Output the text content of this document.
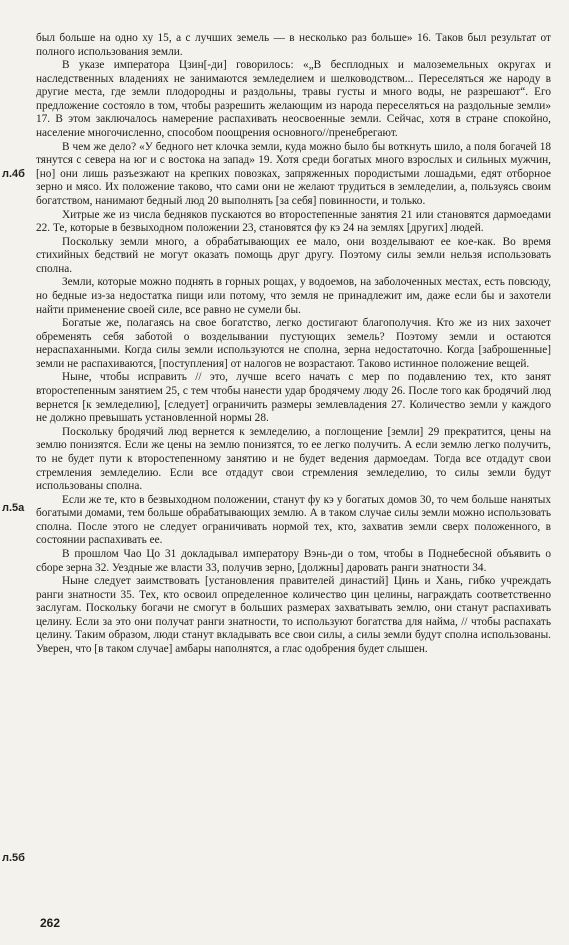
был больше на одно ху 15, а с лучших земель — в несколько раз больше» 16. Таков был результат от полного использования земли.

В указе императора Цзин[-ди] говорилось: «„В бесплодных и малоземельных округах и наследственных владениях не занимаются земледелием и шелководством... Переселяться же народу в другие места, где земли плодородны и раздольны, травы густы и много воды, не разрешают“. Его предложение состояло в том, чтобы разрешить желающим из народа переселяться на раздольные земли» 17. В этом заключалось намерение распахивать неосвоенные земли. Сейчас, хотя в стране спокойно, население многочисленно, способом поощрения основного//пренебрегают.

В чем же дело? «У бедного нет клочка земли, куда можно было бы воткнуть шило, а поля богачей 18 тянутся с севера на юг и с востока на запад» 19. Хотя среди богатых много взрослых и сильных мужчин, [но] они лишь разъезжают на крепких повозках, запряженных породистыми лошадьми, едят отборное зерно и мясо. Их положение таково, что сами они не желают трудиться в земледелии, а, пользуясь своим богатством, нанимают бедный люд 20 выполнять [за себя] повинности, и только.

Хитрые же из числа бедняков пускаются во второстепенные занятия 21 или становятся дармоедами 22. Те, которые в безвыходном положении 23, становятся фу кэ 24 на землях [других] людей.

Поскольку земли много, а обрабатывающих ее мало, они возделывают ее кое-как. Во время стихийных бедствий не могут оказать помощь друг другу. Поэтому силы земли нельзя использовать сполна.

Земли, которые можно поднять в горных рощах, у водоемов, на заболоченных местах, есть повсюду, но бедные из-за недостатка пищи или потому, что земля не принадлежит им, даже если бы и захотели найти применение своей силе, все равно не сумели бы.

Богатые же, полагаясь на свое богатство, легко достигают благополучия. Кто же из них захочет обременять себя заботой о возделывании пустующих земель? Поэтому земли и остаются нераспаханными. Когда силы земли используются не сполна, зерна недостаточно. Когда [заброшенные] земли не распахиваются, [поступления] от налогов не возрастают. Таково истинное положение вещей.

Ныне, чтобы исправить // это, лучше всего начать с мер по подавлению тех, кто занят второстепенным занятием 25, с тем чтобы нанести удар бродячему люду 26. После того как бродячий люд вернется [к земледелию], [следует] ограничить размеры землевладения 27. Количество земли у каждого не должно превышать установленной нормы 28.

Поскольку бродячий люд вернется к земледелию, а поглощение [земли] 29 прекратится, цены на землю понизятся. Если же цены на землю понизятся, то ее легко получить. А если землю легко получить, то не будет пути к второстепенному занятию и не будет ведения дармоедам. Тогда все отдадут свои стремления земледелию. Если все отдадут свои стремления земледелию, то силы земли будут использованы сполна.

Если же те, кто в безвыходном положении, станут фу кэ у богатых домов 30, то чем больше нанятых богатыми домами, тем больше обрабатывающих землю. А в таком случае силы земли можно использовать сполна. После этого не следует ограничивать нормой тех, кто, захватив земли сверх положенного, в состоянии распахивать ее.

В прошлом Чао Цо 31 докладывал императору Вэнь-ди о том, чтобы в Поднебесной объявить о сборе зерна 32. Уездные же власти 33, получив зерно, [должны] даровать ранги знатности 34.

Ныне следует заимствовать [установления правителей династий] Цинь и Хань, гибко учреждать ранги знатности 35. Тех, кто освоил определенное количество цин целины, награждать соответственно заслугам. Поскольку богачи не смогут в больших размерах захватывать землю, они станут распахивать целину. Если за это они получат ранги знатности, то используют богатства для найма, // чтобы распахать целину. Таким образом, люди станут вкладывать все свои силы, а силы земли будут сполна использованы. Уверен, что [в таком случае] амбары наполнятся, а глас одобрения будет слышен.

л.4б
л.5а
л.5б
262
